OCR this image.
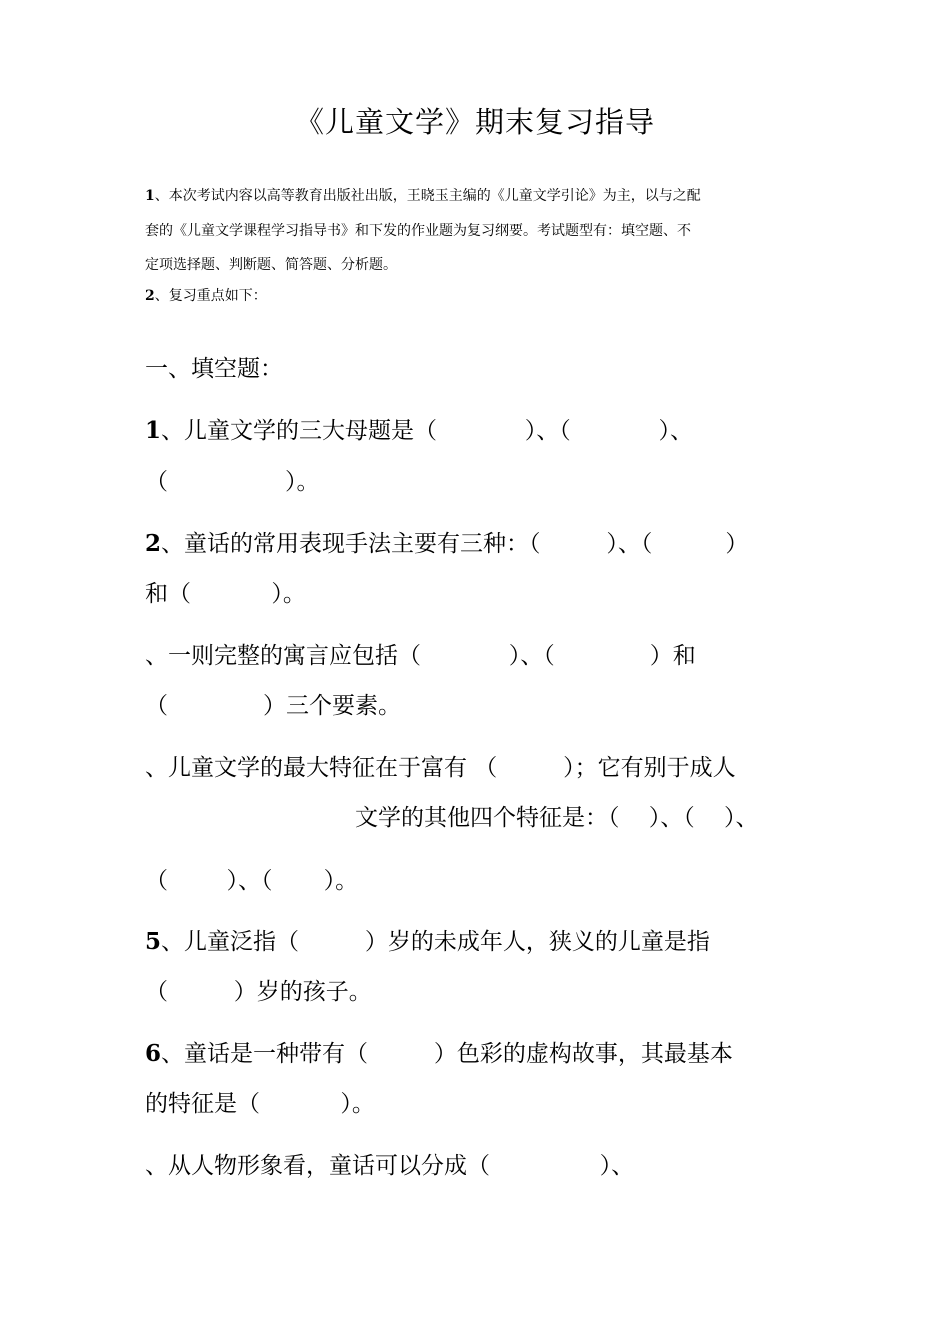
《儿童文学》期末复习指导
1、本次考试内容以高等教育出版社出版，王晓玉主编的《儿童文学引论》为主，以与之配
套的《儿童文学课程学习指导书》和下发的作业题为复习纲要。考试题型有：填空题、不
定项选择题、判断题、简答题、分析题。
2、复习重点如下：
一、填空题：
1、儿童文学的三大母题是（            ）、（            ）、
（                ）。
2、童话的常用表现手法主要有三种：（         ）、（          ）
和（           ）。
、一则完整的寓言应包括（            ）、（             ）和
（             ）三个要素。
、儿童文学的最大特征在于富有 （         ）；它有别于成人
文学的其他四个特征是：（    ）、（    ）、
（        ）、（       ）。
5、儿童泛指（         ）岁的未成年人，狭义的儿童是指
（         ）岁的孩子。
6、童话是一种带有（         ）色彩的虚构故事，其最基本
的特征是（           ）。
、从人物形象看，童话可以分成（               ）、
